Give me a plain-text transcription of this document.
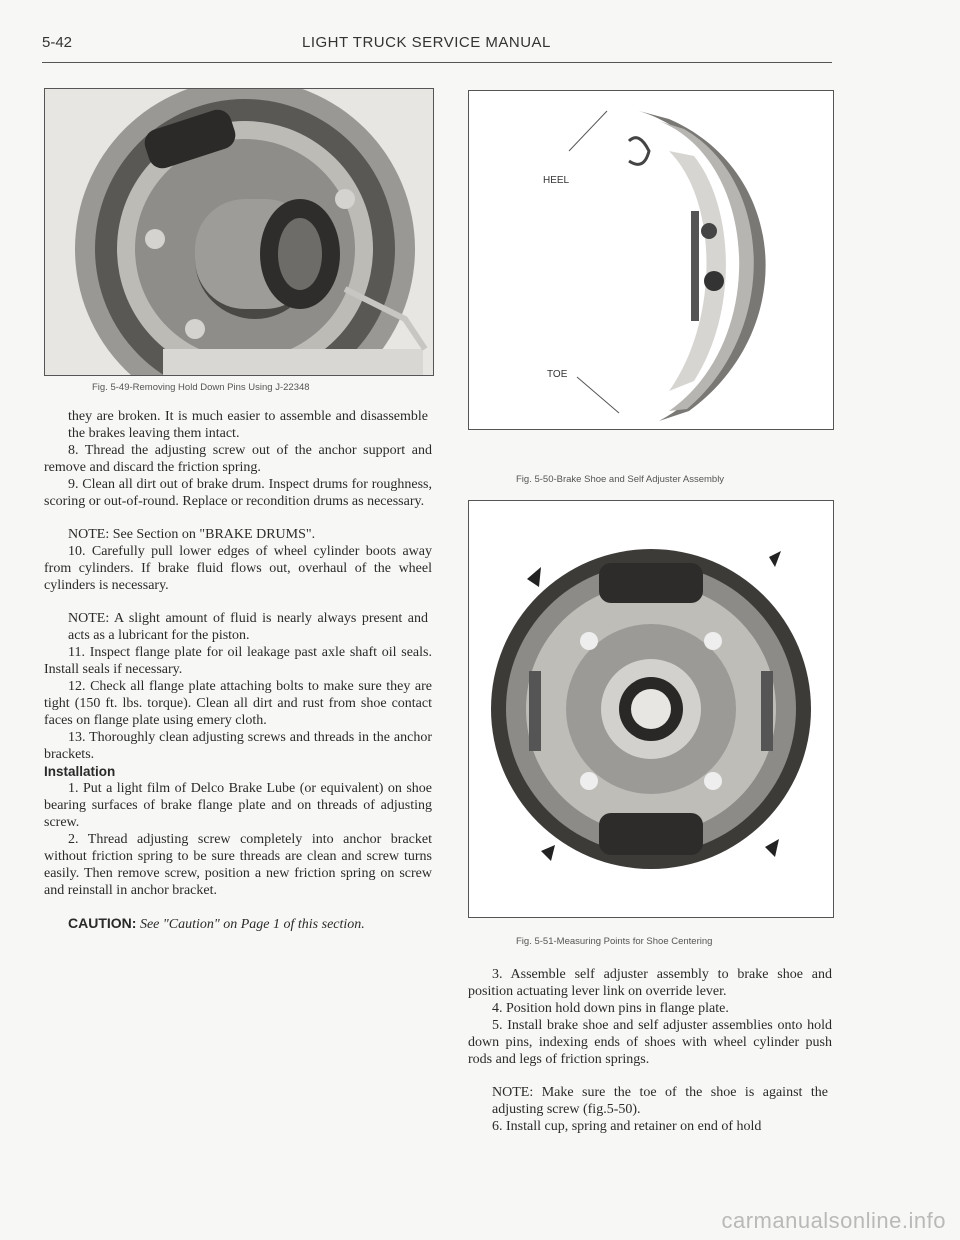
5-42	LIGHT TRUCK SERVICE MANUAL
Fig. 5-49-Removing Hold Down Pins Using J-22348
HEEL
TOE
Fig. 5-50-Brake Shoe and Self Adjuster Assembly
Fig. 5-51-Measuring Points for Shoe Centering

they are broken. It is much easier to assemble and disassemble the brakes leaving them intact.

8. Thread the adjusting screw out of the anchor support and remove and discard the friction spring.

9. Clean all dirt out of brake drum. Inspect drums for roughness, scoring or out-of-round. Replace or recondition drums as necessary.

NOTE: See Section on "BRAKE DRUMS".

10. Carefully pull lower edges of wheel cylinder boots away from cylinders. If brake fluid flows out, overhaul of the wheel cylinders is necessary.

NOTE: A slight amount of fluid is nearly always present and acts as a lubricant for the piston.

11. Inspect flange plate for oil leakage past axle shaft oil seals. Install seals if necessary.

12. Check all flange plate attaching bolts to make sure they are tight (150 ft. lbs. torque). Clean all dirt and rust from shoe contact faces on flange plate using emery cloth.

13. Thoroughly clean adjusting screws and threads in the anchor brackets.

Installation

1. Put a light film of Delco Brake Lube (or equivalent) on shoe bearing surfaces of brake flange plate and on threads of adjusting screw.

2. Thread adjusting screw completely into anchor bracket without friction spring to be sure threads are clean and screw turns easily. Then remove screw, position a new friction spring on screw and reinstall in anchor bracket.

CAUTION: See "Caution" on Page 1 of this section.

3. Assemble self adjuster assembly to brake shoe and position actuating lever link on override lever.

4. Position hold down pins in flange plate.

5. Install brake shoe and self adjuster assemblies onto hold down pins, indexing ends of shoes with wheel cylinder push rods and legs of friction springs.

NOTE: Make sure the toe of the shoe is against the adjusting screw (fig.5-50).

6. Install cup, spring and retainer on end of hold

carmanualsonline.info
